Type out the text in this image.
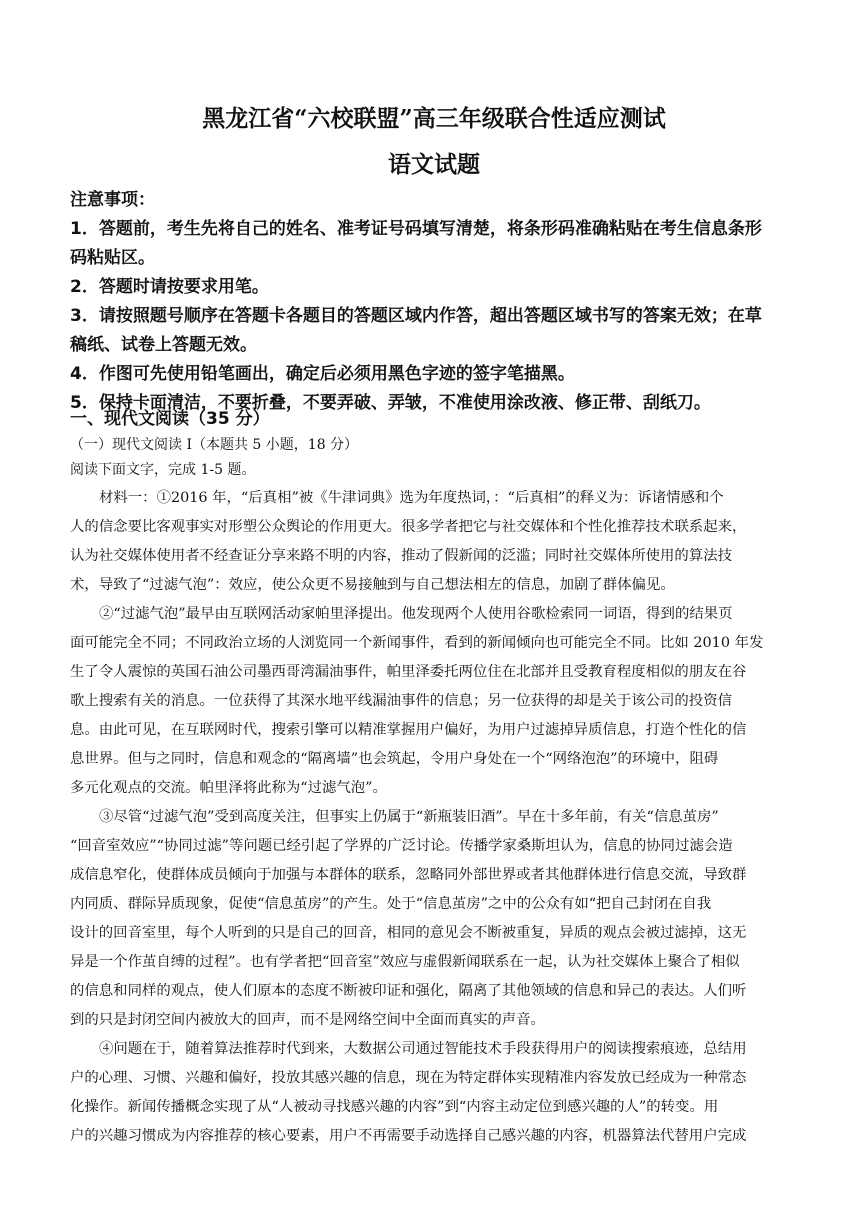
黑龙江省“六校联盟”高三年级联合性适应测试
语文试题
注意事项：
1．答题前，考生先将自己的姓名、准考证号码填写清楚，将条形码准确粘贴在考生信息条形
码粘贴区。
2．答题时请按要求用笔。
3．请按照题号顺序在答题卡各题目的答题区域内作答，超出答题区域书写的答案无效；在草
稿纸、试卷上答题无效。
4．作图可先使用铅笔画出，确定后必须用黑色字迹的签字笔描黑。
5．保持卡面清洁，不要折叠，不要弄破、弄皱，不准使用涂改液、修正带、刮纸刀。
一、现代文阅读（35 分）
（一）现代文阅读 I（本题共 5 小题，18 分）
阅读下面文字，完成 1-5 题。
材料一：①2016 年，“后真相”被《牛津词典》选为年度热词，：“后真相”的释义为：诉诸情感和个
人的信念要比客观事实对形塑公众舆论的作用更大。很多学者把它与社交媒体和个性化推荐技术联系起来，
认为社交媒体使用者不经查证分享来路不明的内容，推动了假新闻的泛滥；同时社交媒体所使用的算法技
术，导致了“过滤气泡”：效应，使公众更不易接触到与自己想法相左的信息，加剧了群体偏见。
②“过滤气泡”最早由互联网活动家帕里泽提出。他发现两个人使用谷歌检索同一词语，得到的结果页
面可能完全不同；不同政治立场的人浏览同一个新闻事件，看到的新闻倾向也可能完全不同。比如 2010 年发
生了令人震惊的英国石油公司墨西哥湾漏油事件，帕里泽委托两位住在北部并且受教育程度相似的朋友在谷
歌上搜索有关的消息。一位获得了其深水地平线漏油事件的信息；另一位获得的却是关于该公司的投资信
息。由此可见，在互联网时代，搜索引擎可以精准掌握用户偏好，为用户过滤掉异质信息，打造个性化的信
息世界。但与之同时，信息和观念的“隔离墙”也会筑起，令用户身处在一个“网络泡泡”的环境中，阻碍
多元化观点的交流。帕里泽将此称为“过滤气泡”。
③尽管“过滤气泡”受到高度关注，但事实上仍属于“新瓶装旧酒”。早在十多年前，有关“信息茧房”
“回音室效应”“协同过滤”等问题已经引起了学界的广泛讨论。传播学家桑斯坦认为，信息的协同过滤会造
成信息窄化，使群体成员倾向于加强与本群体的联系，忽略同外部世界或者其他群体进行信息交流，导致群
内同质、群际异质现象，促使“信息茧房”的产生。处于“信息茧房”之中的公众有如“把自己封闭在自我
设计的回音室里，每个人听到的只是自己的回音，相同的意见会不断被重复，异质的观点会被过滤掉，这无
异是一个作茧自缚的过程”。也有学者把“回音室”效应与虚假新闻联系在一起，认为社交媒体上聚合了相似
的信息和同样的观点，使人们原本的态度不断被印证和强化，隔离了其他领域的信息和异己的表达。人们听
到的只是封闭空间内被放大的回声，而不是网络空间中全面而真实的声音。
④问题在于，随着算法推荐时代到来，大数据公司通过智能技术手段获得用户的阅读搜索痕迹，总结用
户的心理、习惯、兴趣和偏好，投放其感兴趣的信息，现在为特定群体实现精准内容发放已经成为一种常态
化操作。新闻传播概念实现了从“人被动寻找感兴趣的内容”到“内容主动定位到感兴趣的人”的转变。用
户的兴趣习惯成为内容推荐的核心要素，用户不再需要手动选择自己感兴趣的内容，机器算法代替用户完成
